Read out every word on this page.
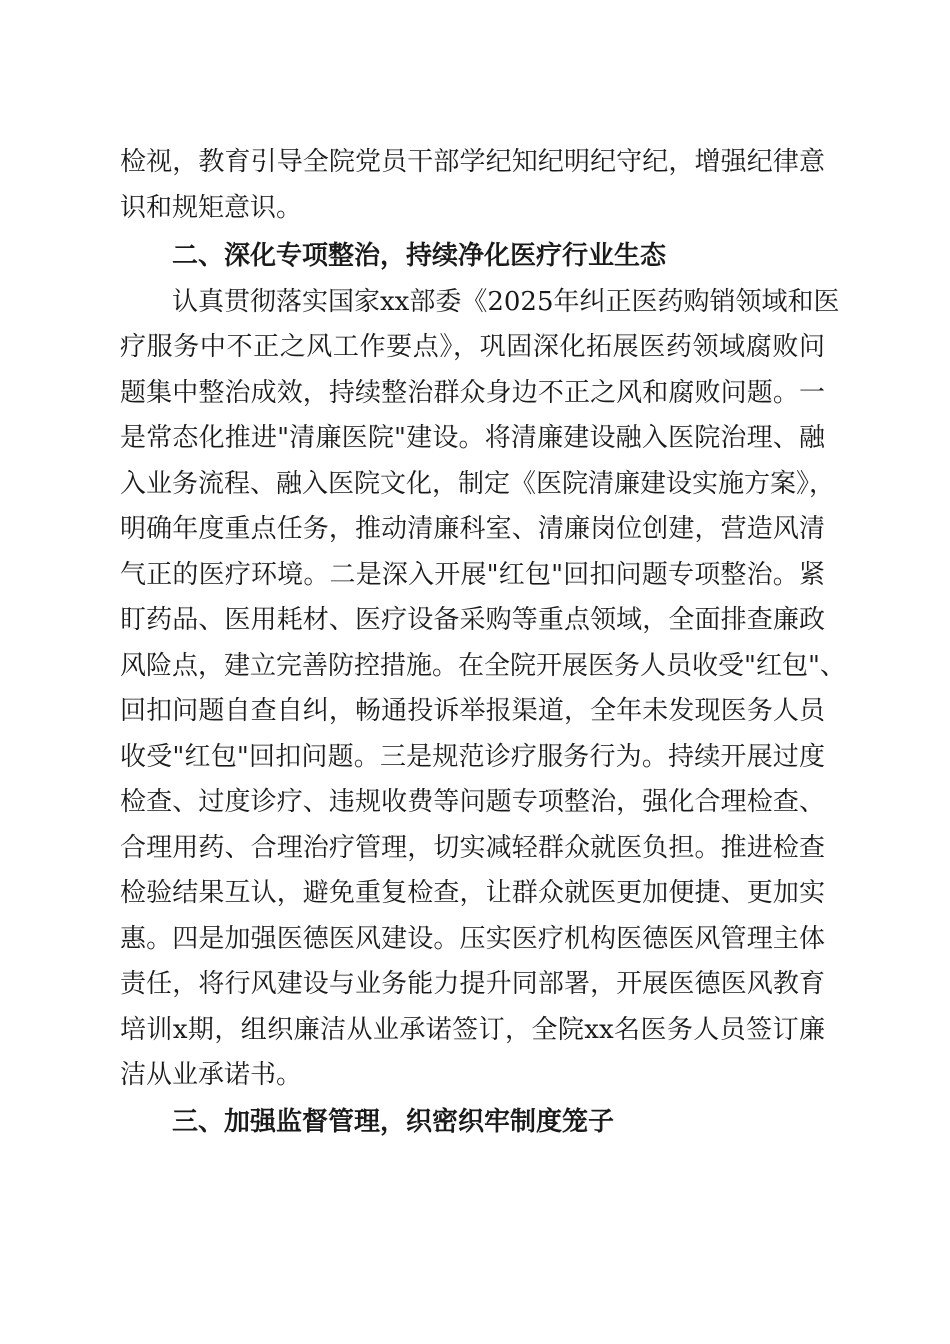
检视，教育引导全院党员干部学纪知纪明纪守纪，增强纪律意
识和规矩意识。
二、深化专项整治，持续净化医疗行业生态
认真贯彻落实国家xx部委《2025年纠正医药购销领域和医
疗服务中不正之风工作要点》，巩固深化拓展医药领域腐败问
题集中整治成效，持续整治群众身边不正之风和腐败问题。一
是常态化推进"清廉医院"建设。将清廉建设融入医院治理、融
入业务流程、融入医院文化，制定《医院清廉建设实施方案》，
明确年度重点任务，推动清廉科室、清廉岗位创建，营造风清
气正的医疗环境。二是深入开展"红包"回扣问题专项整治。紧
盯药品、医用耗材、医疗设备采购等重点领域，全面排查廉政
风险点，建立完善防控措施。在全院开展医务人员收受"红包"、
回扣问题自查自纠，畅通投诉举报渠道，全年未发现医务人员
收受"红包"回扣问题。三是规范诊疗服务行为。持续开展过度
检查、过度诊疗、违规收费等问题专项整治，强化合理检查、
合理用药、合理治疗管理，切实减轻群众就医负担。推进检查
检验结果互认，避免重复检查，让群众就医更加便捷、更加实
惠。四是加强医德医风建设。压实医疗机构医德医风管理主体
责任，将行风建设与业务能力提升同部署，开展医德医风教育
培训x期，组织廉洁从业承诺签订，全院xx名医务人员签订廉
洁从业承诺书。
三、加强监督管理，织密织牢制度笼子
